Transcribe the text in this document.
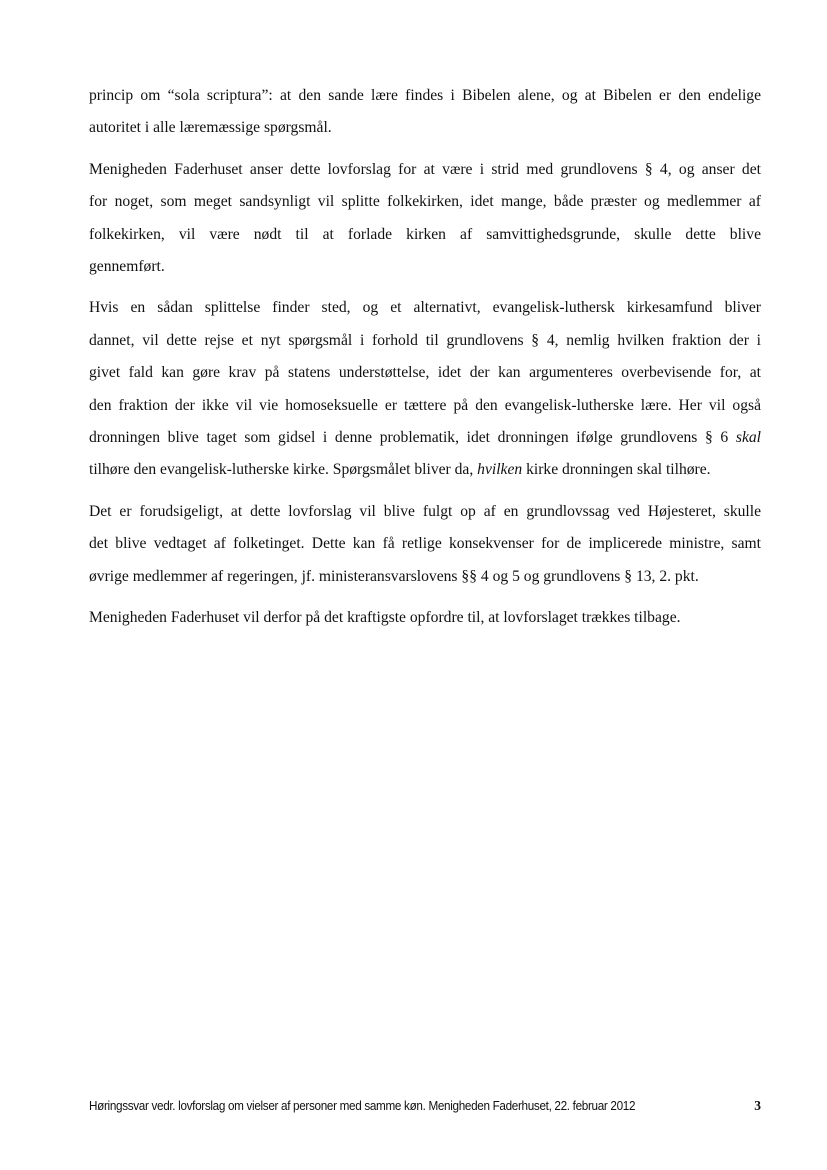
princip om “sola scriptura”: at den sande lære findes i Bibelen alene, og at Bibelen er den endelige
autoritet i alle læremæssige spørgsmål.

Menigheden Faderhuset anser dette lovforslag for at være i strid med grundlovens § 4, og anser det
for noget, som meget sandsynligt vil splitte folkekirken, idet mange, både præster og medlemmer af
folkekirken, vil være nødt til at forlade kirken af samvittighedsgrunde, skulle dette blive
gennemført.

Hvis en sådan splittelse finder sted, og et alternativt, evangelisk-luthersk kirkesamfund bliver
dannet, vil dette rejse et nyt spørgsmål i forhold til grundlovens § 4, nemlig hvilken fraktion der i
givet fald kan gøre krav på statens understøttelse, idet der kan argumenteres overbevisende for, at
den fraktion der ikke vil vie homoseksuelle er tættere på den evangelisk-lutherske lære. Her vil også
dronningen blive taget som gidsel i denne problematik, idet dronningen ifølge grundlovens § 6 skal
tilhøre den evangelisk-lutherske kirke. Spørgsmålet bliver da, hvilken kirke dronningen skal tilhøre.

Det er forudsigeligt, at dette lovforslag vil blive fulgt op af en grundlovssag ved Højesteret, skulle
det blive vedtaget af folketinget. Dette kan få retlige konsekvenser for de implicerede ministre, samt
øvrige medlemmer af regeringen, jf. ministeransvarslovens §§ 4 og 5 og grundlovens § 13, 2. pkt.

Menigheden Faderhuset vil derfor på det kraftigste opfordre til, at lovforslaget trækkes tilbage.

Høringssvar vedr. lovforslag om vielser af personer med samme køn. Menigheden Faderhuset, 22. februar 2012	3
